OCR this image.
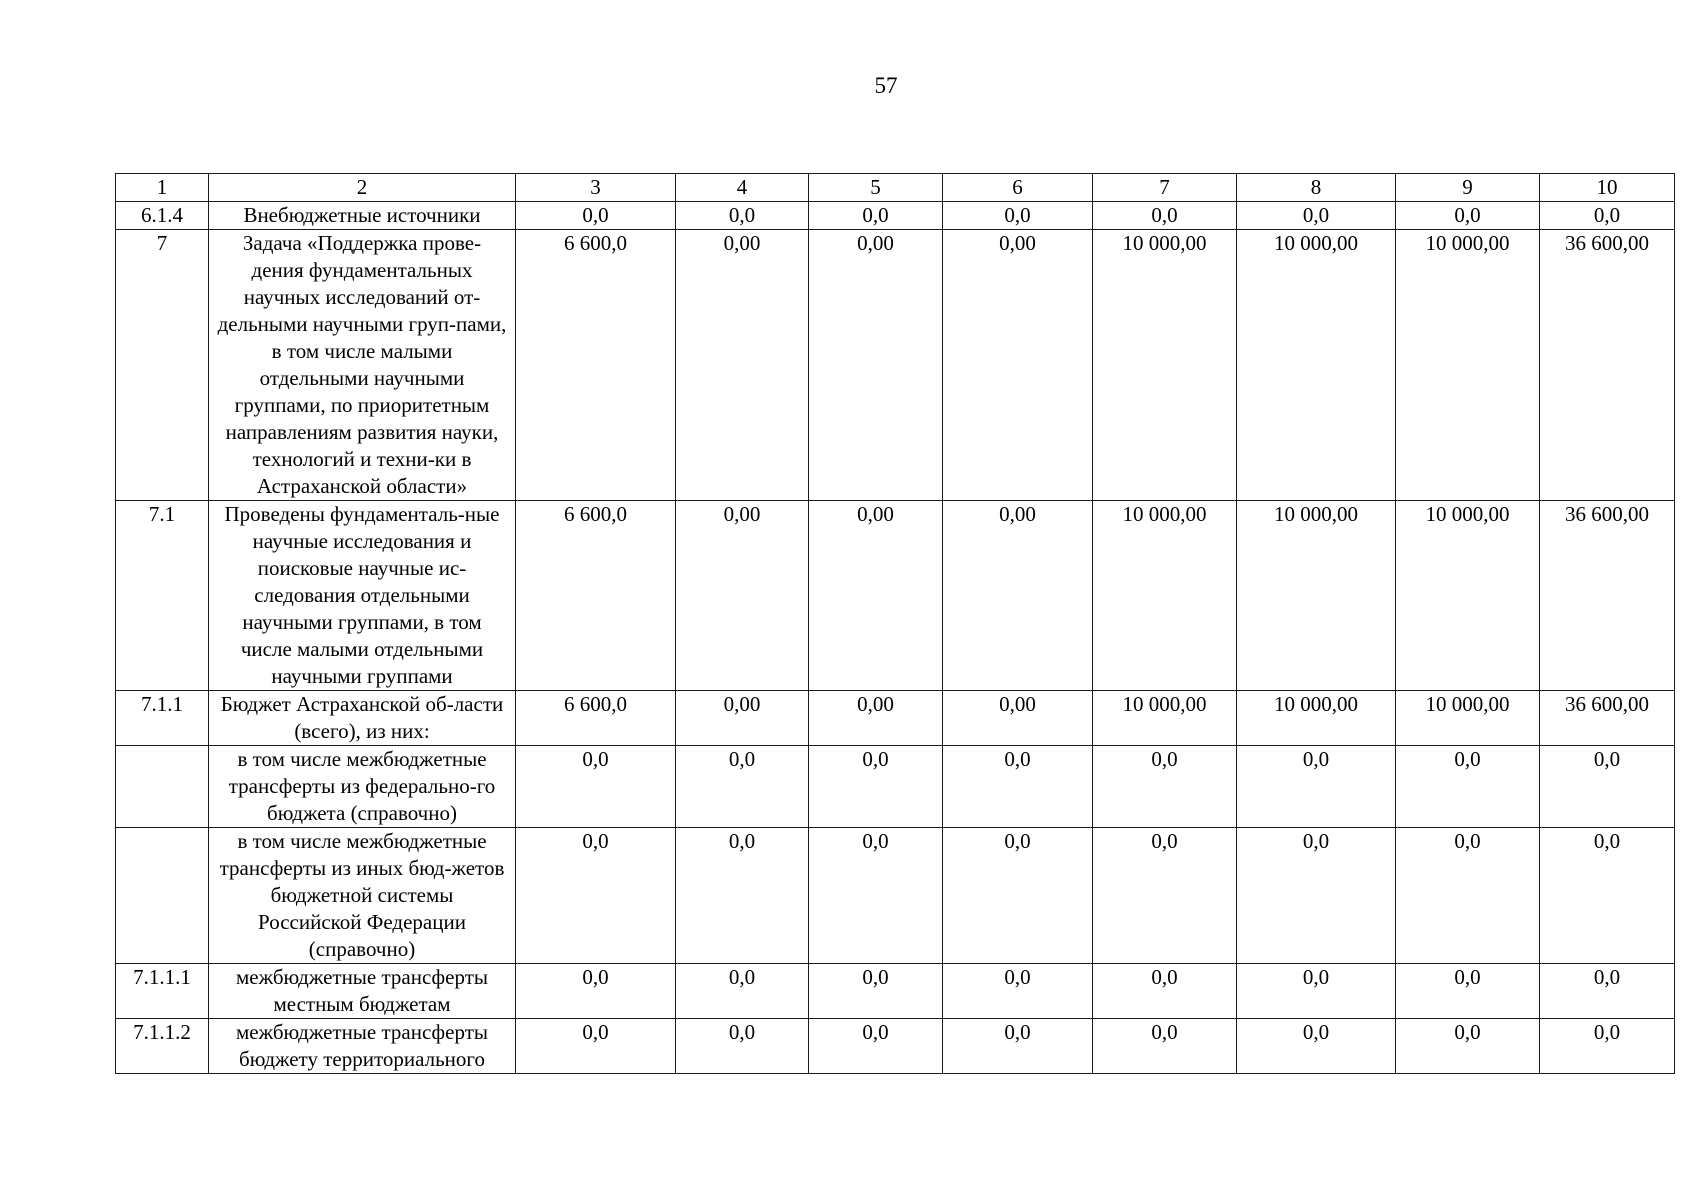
57
1	2	3	4	5	6	7	8	9	10
6.1.4	Внебюджетные источники	0,0	0,0	0,0	0,0	0,0	0,0	0,0	0,0
7	Задача «Поддержка прове-дения фундаментальных научных исследований от-дельными научными груп-пами, в том числе малыми отдельными научными группами, по приоритетным направлениям развития науки, технологий и техни-ки в Астраханской области»	6 600,0	0,00	0,00	0,00	10 000,00	10 000,00	10 000,00	36 600,00
7.1	Проведены фундаменталь-ные научные исследования и поисковые научные ис-следования отдельными научными группами, в том числе малыми отдельными научными группами	6 600,0	0,00	0,00	0,00	10 000,00	10 000,00	10 000,00	36 600,00
7.1.1	Бюджет Астраханской об-ласти (всего), из них:	6 600,0	0,00	0,00	0,00	10 000,00	10 000,00	10 000,00	36 600,00
	в том числе межбюджетные трансферты из федерально-го бюджета (справочно)	0,0	0,0	0,0	0,0	0,0	0,0	0,0	0,0
	в том числе межбюджетные трансферты из иных бюд-жетов бюджетной системы Российской Федерации (справочно)	0,0	0,0	0,0	0,0	0,0	0,0	0,0	0,0
7.1.1.1	межбюджетные трансферты местным бюджетам	0,0	0,0	0,0	0,0	0,0	0,0	0,0	0,0
7.1.1.2	межбюджетные трансферты бюджету территориального	0,0	0,0	0,0	0,0	0,0	0,0	0,0	0,0
